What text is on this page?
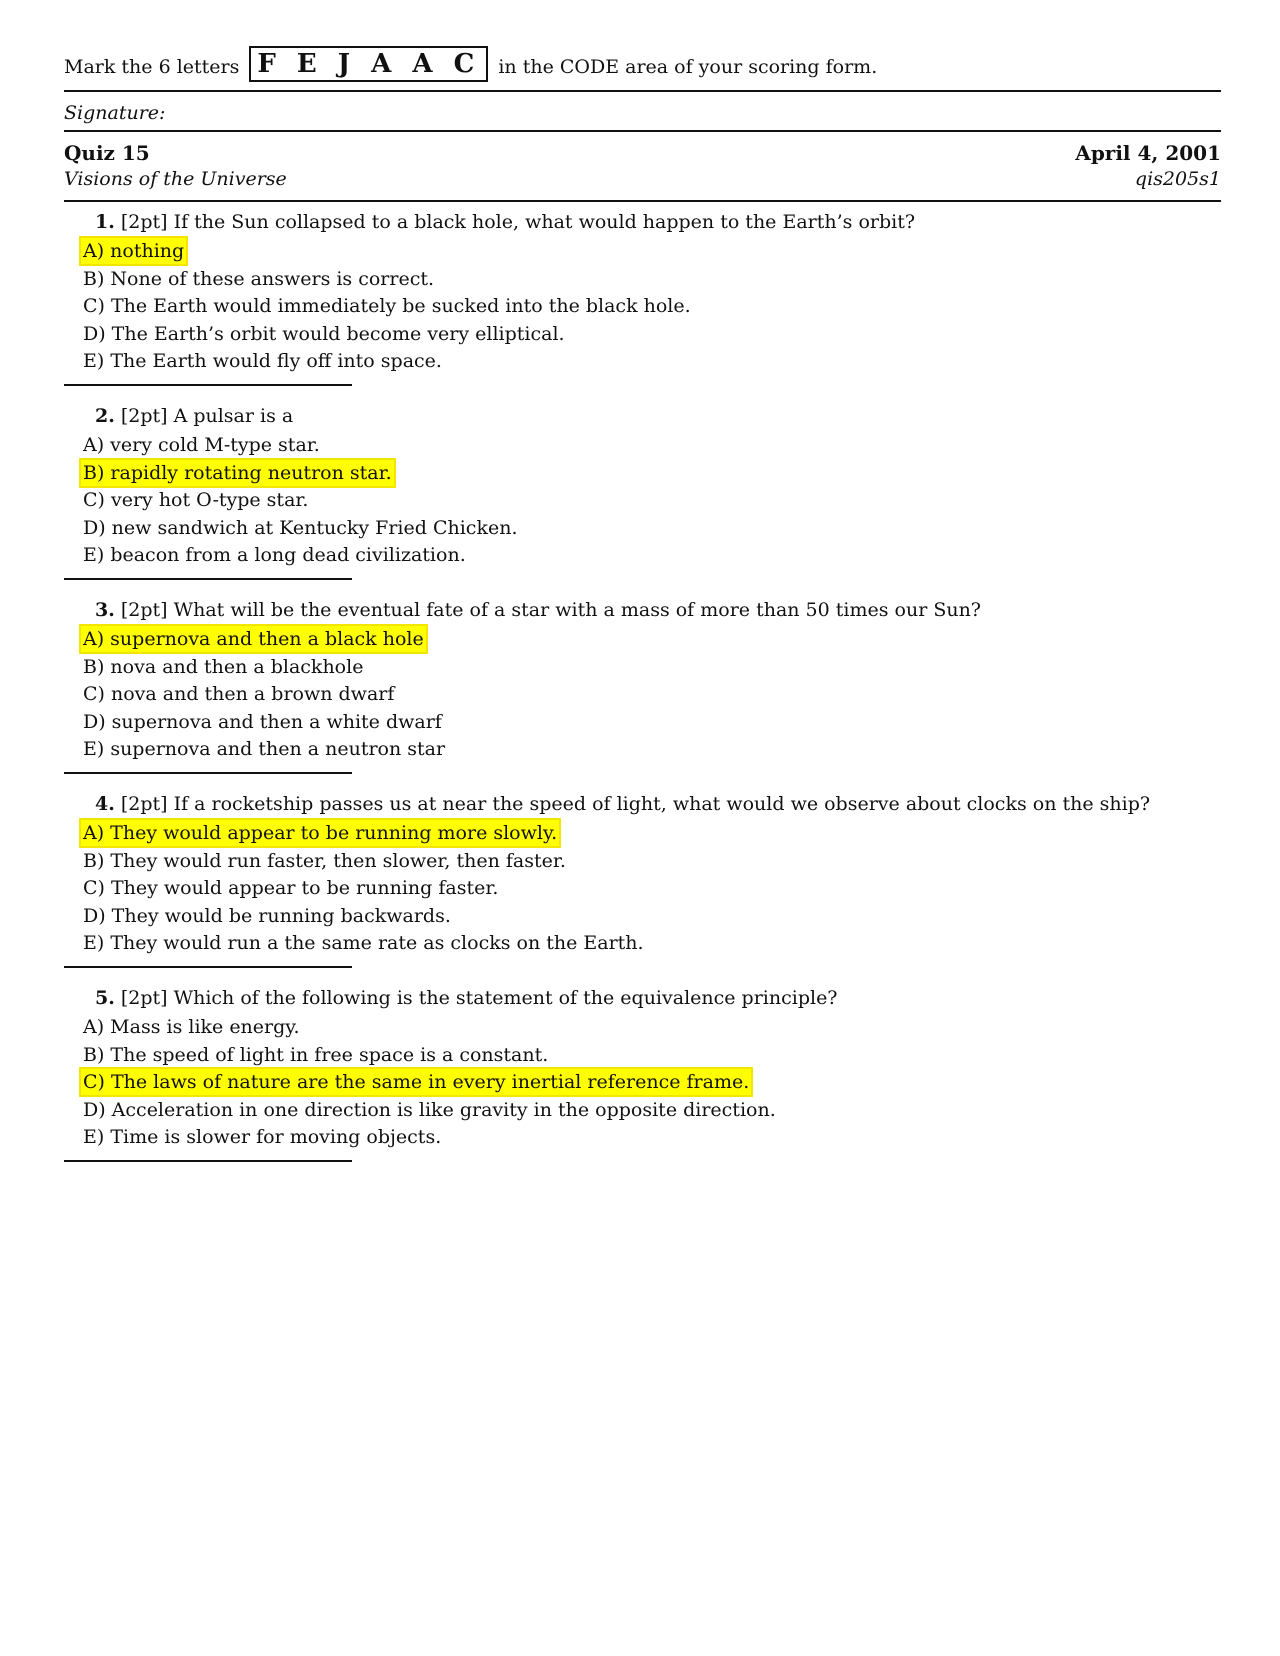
Mark the 6 letters F E J A A C in the CODE area of your scoring form.
Signature:
Quiz 15
Visions of the Universe
April 4, 2001
qis205s1
1. [2pt] If the Sun collapsed to a black hole, what would happen to the Earth’s orbit?
A) nothing
B) None of these answers is correct.
C) The Earth would immediately be sucked into the black hole.
D) The Earth’s orbit would become very elliptical.
E) The Earth would fly off into space.
2. [2pt] A pulsar is a
A) very cold M-type star.
B) rapidly rotating neutron star.
C) very hot O-type star.
D) new sandwich at Kentucky Fried Chicken.
E) beacon from a long dead civilization.
3. [2pt] What will be the eventual fate of a star with a mass of more than 50 times our Sun?
A) supernova and then a black hole
B) nova and then a blackhole
C) nova and then a brown dwarf
D) supernova and then a white dwarf
E) supernova and then a neutron star
4. [2pt] If a rocketship passes us at near the speed of light, what would we observe about clocks on the ship?
A) They would appear to be running more slowly.
B) They would run faster, then slower, then faster.
C) They would appear to be running faster.
D) They would be running backwards.
E) They would run a the same rate as clocks on the Earth.
5. [2pt] Which of the following is the statement of the equivalence principle?
A) Mass is like energy.
B) The speed of light in free space is a constant.
C) The laws of nature are the same in every inertial reference frame.
D) Acceleration in one direction is like gravity in the opposite direction.
E) Time is slower for moving objects.
